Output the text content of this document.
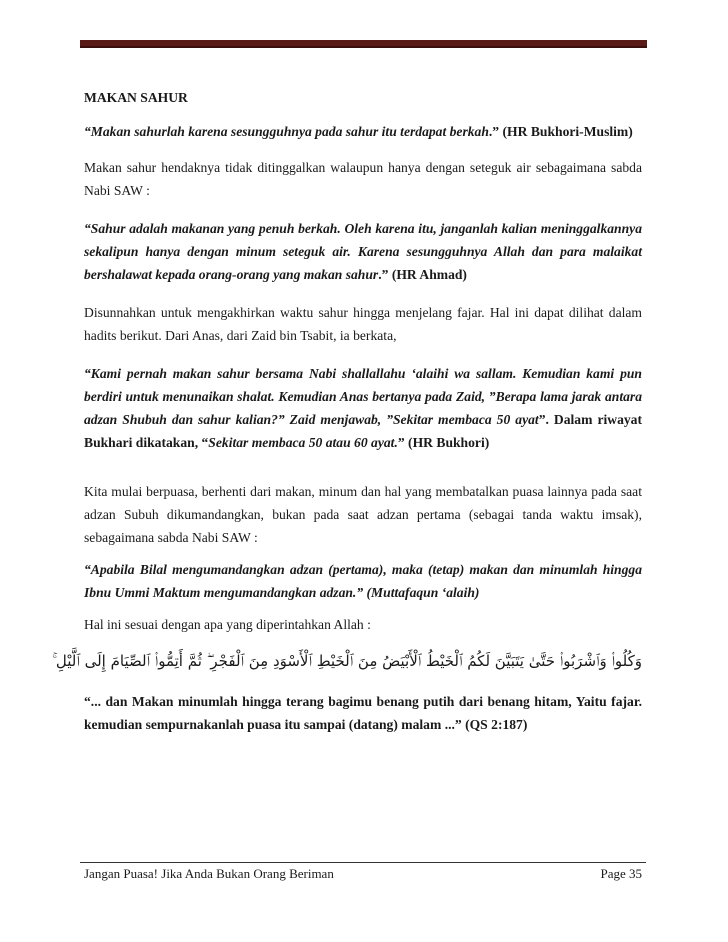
MAKAN SAHUR

“Makan sahurlah karena sesungguhnya pada sahur itu terdapat berkah.” (HR Bukhori-Muslim)

Makan sahur hendaknya tidak ditinggalkan walaupun hanya dengan seteguk air sebagaimana sabda Nabi SAW :

“Sahur adalah makanan yang penuh berkah. Oleh karena itu, janganlah kalian meninggalkannya sekalipun hanya dengan minum seteguk air. Karena sesungguhnya Allah dan para malaikat bershalawat kepada orang-orang yang makan sahur.” (HR Ahmad)

Disunnahkan untuk mengakhirkan waktu sahur hingga menjelang fajar. Hal ini dapat dilihat dalam hadits berikut. Dari Anas, dari Zaid bin Tsabit, ia berkata,

“Kami pernah makan sahur bersama Nabi shallallahu ‘alaihi wa sallam. Kemudian kami pun berdiri untuk menunaikan shalat. Kemudian Anas bertanya pada Zaid, ”Berapa lama jarak antara adzan Shubuh dan sahur kalian?” Zaid menjawab, ”Sekitar membaca 50 ayat”. Dalam riwayat Bukhari dikatakan, “Sekitar membaca 50 atau 60 ayat.” (HR Bukhori)

Kita mulai berpuasa, berhenti dari makan, minum dan hal yang membatalkan puasa lainnya pada saat adzan Subuh dikumandangkan, bukan pada saat adzan pertama (sebagai tanda waktu imsak), sebagaimana sabda Nabi SAW :

“Apabila Bilal mengumandangkan adzan (pertama), maka (tetap) makan dan minumlah hingga Ibnu Ummi Maktum mengumandangkan adzan.” (Muttafaqun ‘alaih)

Hal ini sesuai dengan apa yang diperintahkan Allah :

وَكُلُوا۟ وَٱشْرَبُوا۟ حَتَّىٰ يَتَبَيَّنَ لَكُمُ ٱلْخَيْطُ ٱلْأَبْيَضُ مِنَ ٱلْخَيْطِ ٱلْأَسْوَدِ مِنَ ٱلْفَجْرِ ۖ ثُمَّ أَتِمُّوا۟ ٱلصِّيَامَ إِلَى ٱلَّيْلِ ۚ

“... dan Makan minumlah hingga terang bagimu benang putih dari benang hitam, Yaitu fajar. kemudian sempurnakanlah puasa itu sampai (datang) malam ...” (QS 2:187)

Jangan Puasa! Jika Anda Bukan Orang Beriman	Page 35
